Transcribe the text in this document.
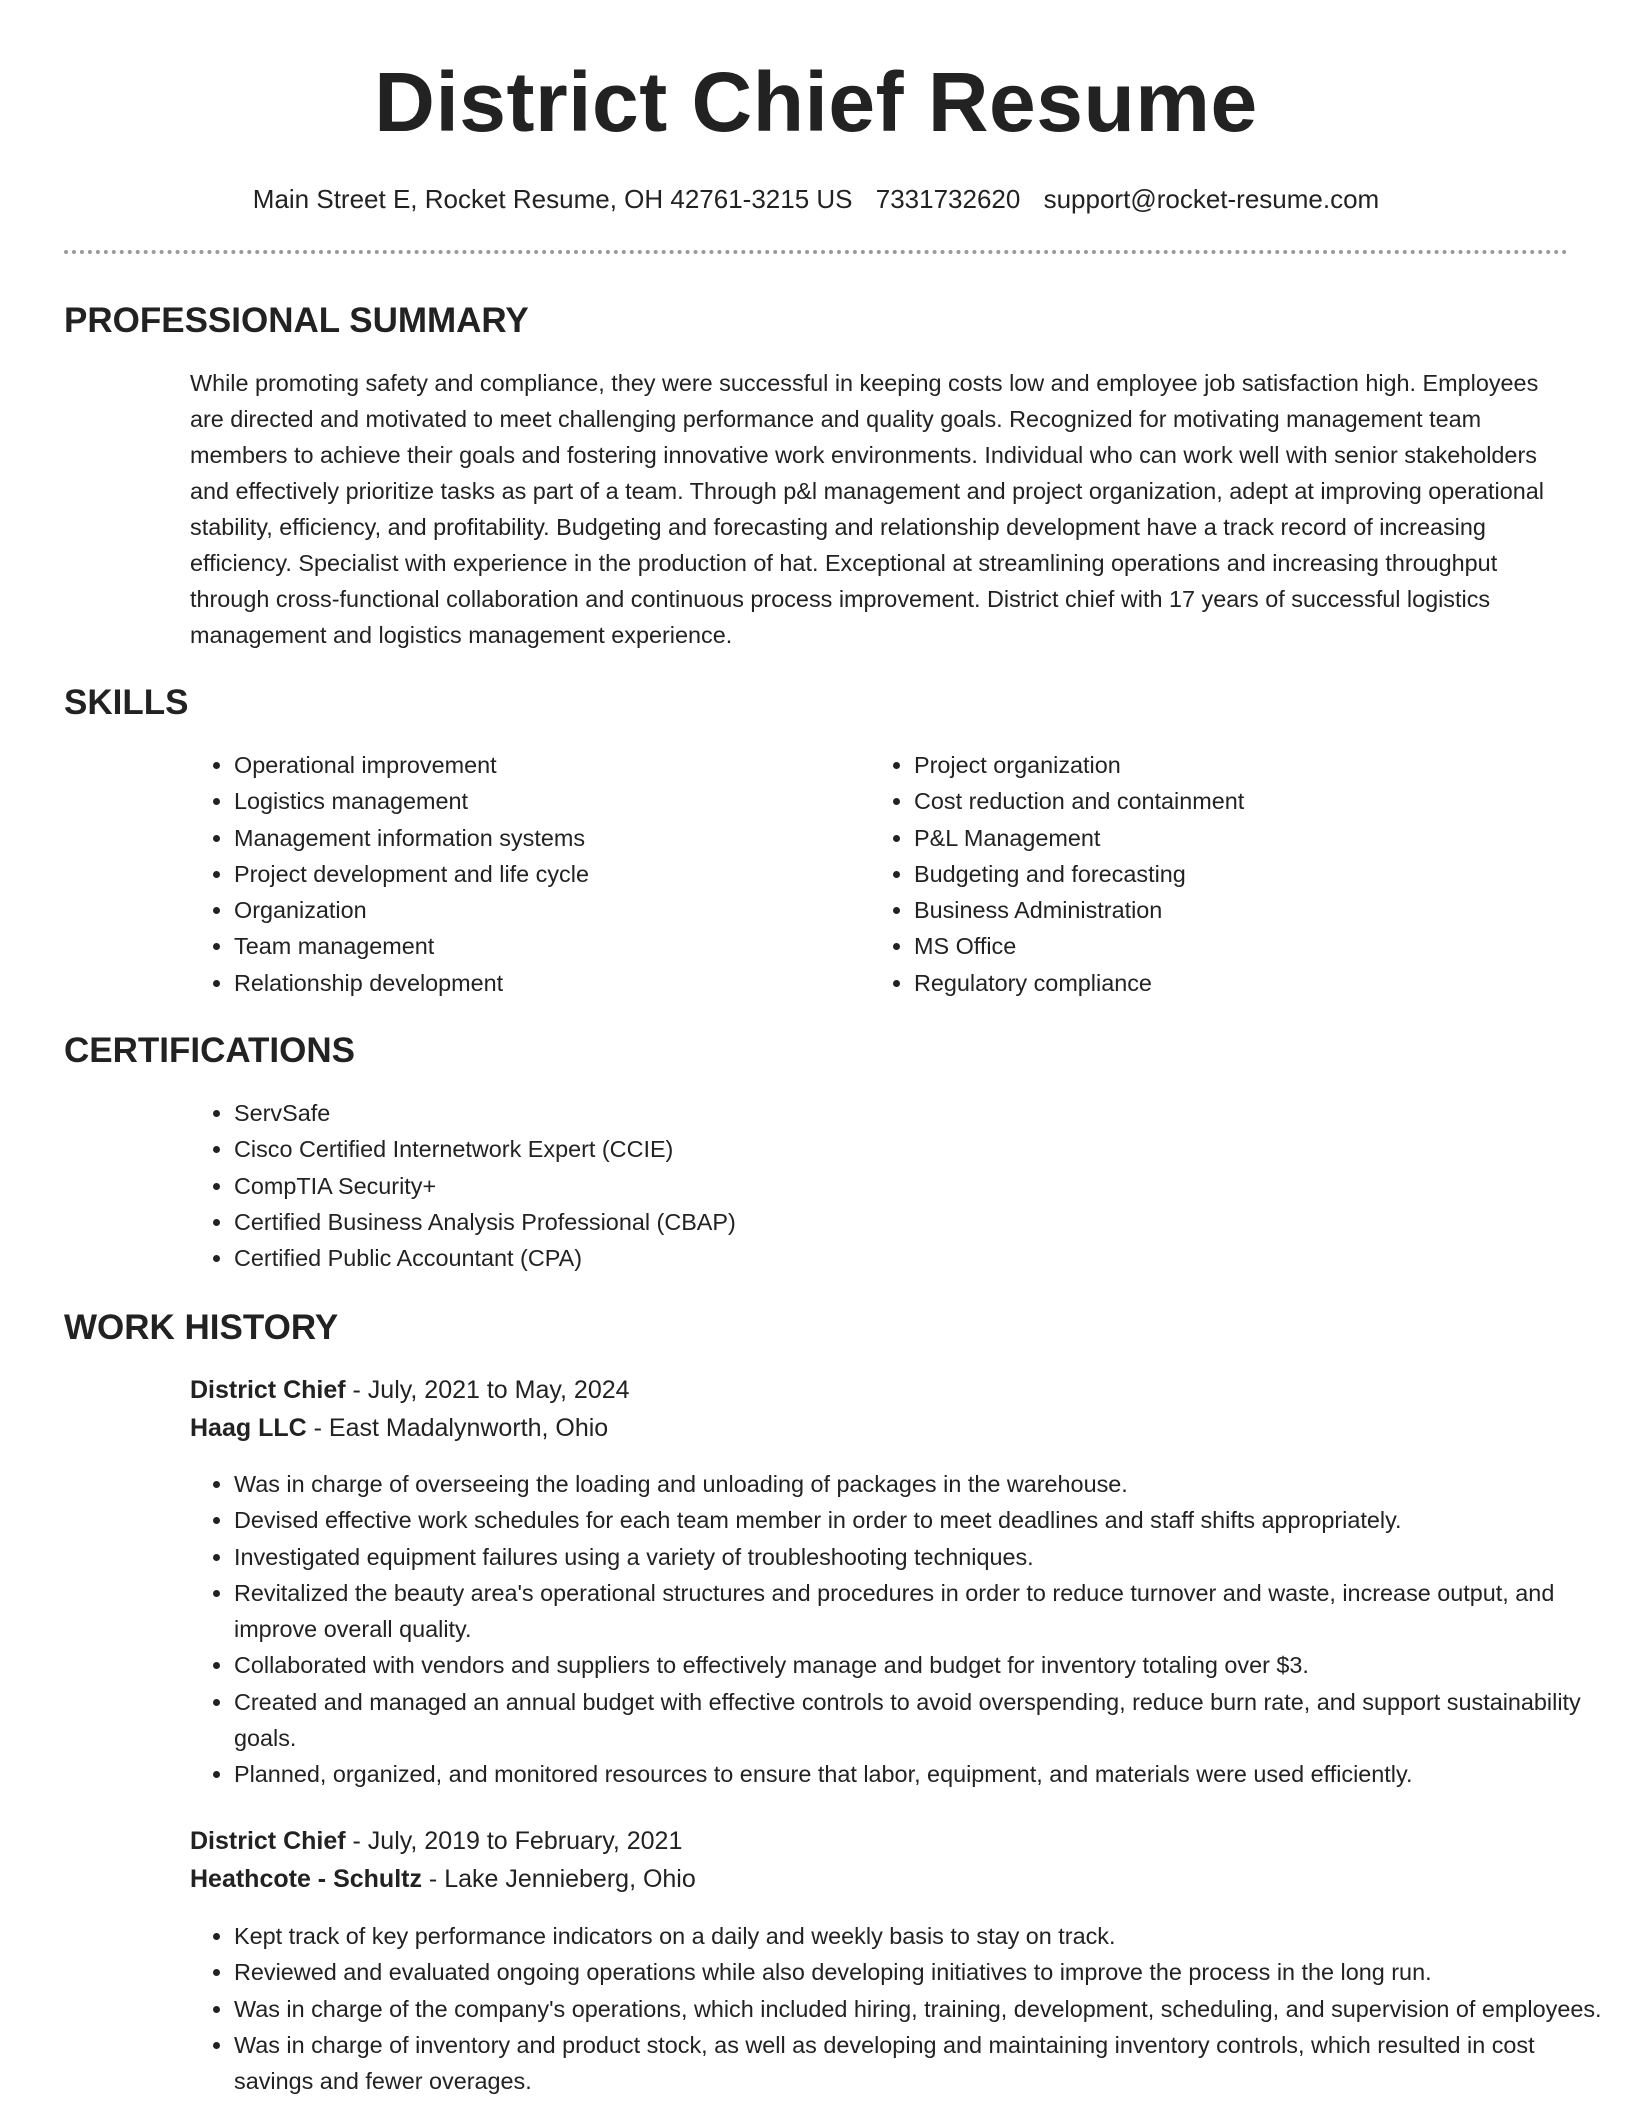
District Chief Resume
Main Street E, Rocket Resume, OH 42761-3215 US 7331732620 support@rocket-resume.com
PROFESSIONAL SUMMARY

While promoting safety and compliance, they were successful in keeping costs low and employee job satisfaction high. Employees are directed and motivated to meet challenging performance and quality goals. Recognized for motivating management team members to achieve their goals and fostering innovative work environments. Individual who can work well with senior stakeholders and effectively prioritize tasks as part of a team. Through p&l management and project organization, adept at improving operational stability, efficiency, and profitability. Budgeting and forecasting and relationship development have a track record of increasing efficiency. Specialist with experience in the production of hat. Exceptional at streamlining operations and increasing throughput through cross-functional collaboration and continuous process improvement. District chief with 17 years of successful logistics management and logistics management experience.

SKILLS
• Operational improvement
• Logistics management
• Management information systems
• Project development and life cycle
• Organization
• Team management
• Relationship development
• Project organization
• Cost reduction and containment
• P&L Management
• Budgeting and forecasting
• Business Administration
• MS Office
• Regulatory compliance
CERTIFICATIONS
• ServSafe
• Cisco Certified Internetwork Expert (CCIE)
• CompTIA Security+
• Certified Business Analysis Professional (CBAP)
• Certified Public Accountant (CPA)
WORK HISTORY
District Chief - July, 2021 to May, 2024
Haag LLC - East Madalynworth, Ohio
• Was in charge of overseeing the loading and unloading of packages in the warehouse.
• Devised effective work schedules for each team member in order to meet deadlines and staff shifts appropriately.
• Investigated equipment failures using a variety of troubleshooting techniques.
• Revitalized the beauty area's operational structures and procedures in order to reduce turnover and waste, increase output, and improve overall quality.
• Collaborated with vendors and suppliers to effectively manage and budget for inventory totaling over $3.
• Created and managed an annual budget with effective controls to avoid overspending, reduce burn rate, and support sustainability goals.
• Planned, organized, and monitored resources to ensure that labor, equipment, and materials were used efficiently.
District Chief - July, 2019 to February, 2021
Heathcote - Schultz - Lake Jennieberg, Ohio
• Kept track of key performance indicators on a daily and weekly basis to stay on track.
• Reviewed and evaluated ongoing operations while also developing initiatives to improve the process in the long run.
• Was in charge of the company's operations, which included hiring, training, development, scheduling, and supervision of employees.
• Was in charge of inventory and product stock, as well as developing and maintaining inventory controls, which resulted in cost savings and fewer overages.
